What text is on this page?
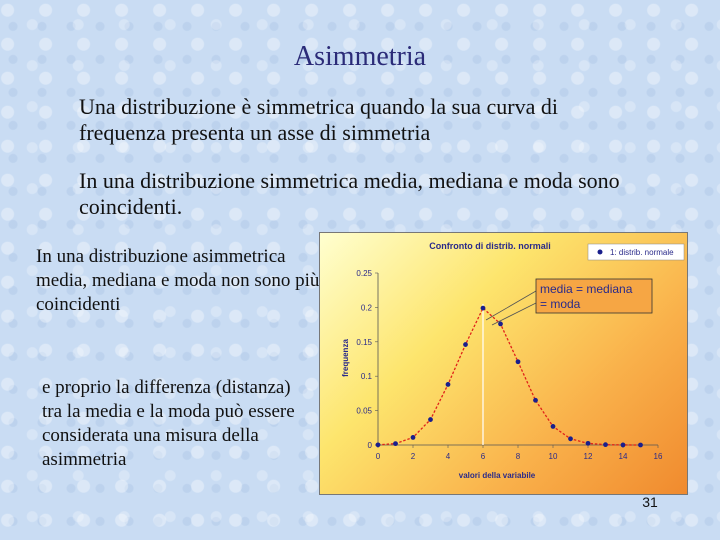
Asimmetria

Una distribuzione è simmetrica quando la sua curva di frequenza presenta un asse di simmetria

In una distribuzione simmetrica media, mediana e moda sono coincidenti.

In una distribuzione asimmetrica media, mediana e moda non sono più coincidenti

e proprio la differenza (distanza) tra la media e la moda può essere considerata una misura della asimmetria

Confronto di distrib. normali
1: distrib. normale
frequenza
valori della variabile
0	2	4	6	8	10	12	14	16
0
0.05
0.1
0.15
0.2
0.25
media = mediana = moda
31
